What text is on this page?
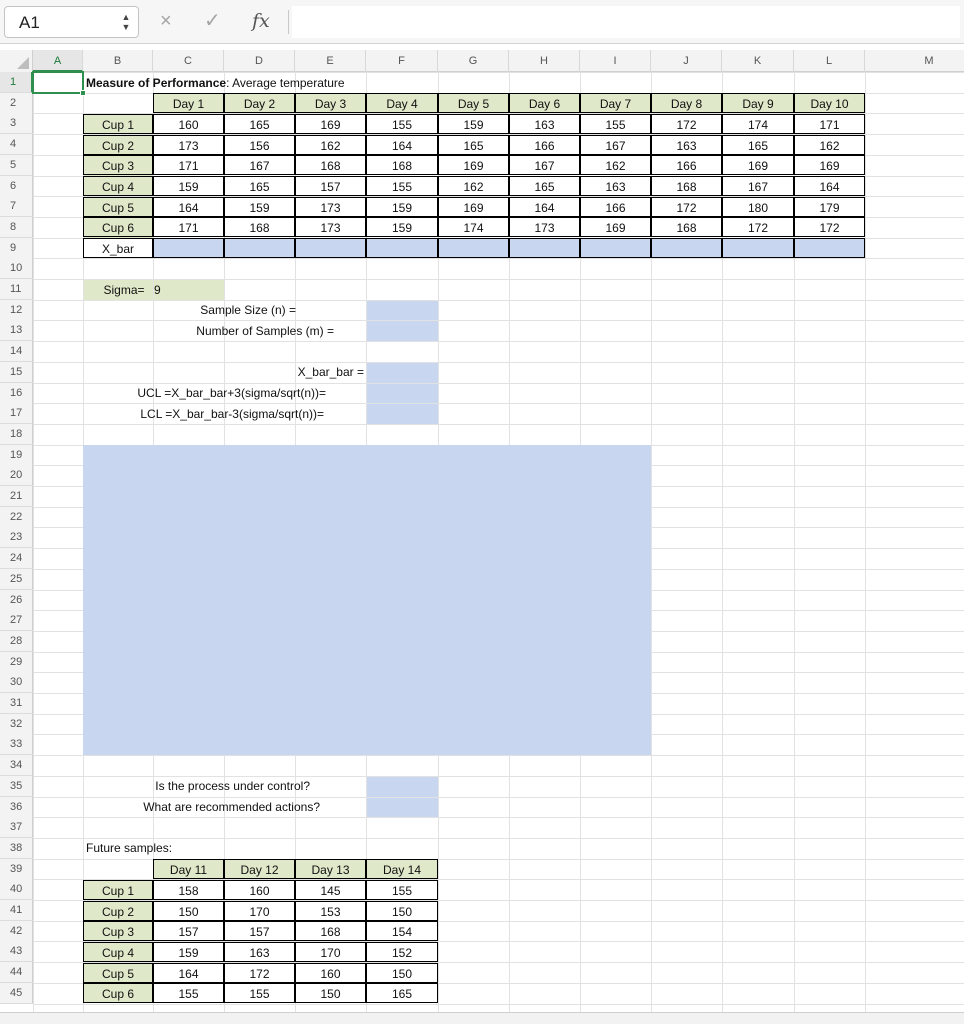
A1	▲
▼ × ✓ fx
A	B	C	D	E	F	G	H	I	J	K	L	M
1
2
3
4
5
6
7
8
9
10
11
12
13
14
15
16
17
18
19
20
21
22
23
24
25
26
27
28
29
30
31
32
33
34
35
36
37
38
39
40
41
42
43
44
45
Measure of Performance: Average temperature
Day 1	Day 2	Day 3	Day 4	Day 5	Day 6	Day 7	Day 8	Day 9	Day 10
Cup 1	160	165	169	155	159	163	155	172	174	171
Cup 2	173	156	162	164	165	166	167	163	165	162
Cup 3	171	167	168	168	169	167	162	166	169	169
Cup 4	159	165	157	155	162	165	163	168	167	164
Cup 5	164	159	173	159	169	164	166	172	180	179
Cup 6	171	168	173	159	174	173	169	168	172	172
X_bar
Sigma= 9
Sample Size (n) =
Number of Samples (m) =
X_bar_bar =
UCL =X_bar_bar+3(sigma/sqrt(n))=
LCL =X_bar_bar-3(sigma/sqrt(n))=
Is the process under control?
What are recommended actions?
Future samples:
Day 11	Day 12	Day 13	Day 14
Cup 1	158	160	145	155
Cup 2	150	170	153	150
Cup 3	157	157	168	154
Cup 4	159	163	170	152
Cup 5	164	172	160	150
Cup 6	155	155	150	165
